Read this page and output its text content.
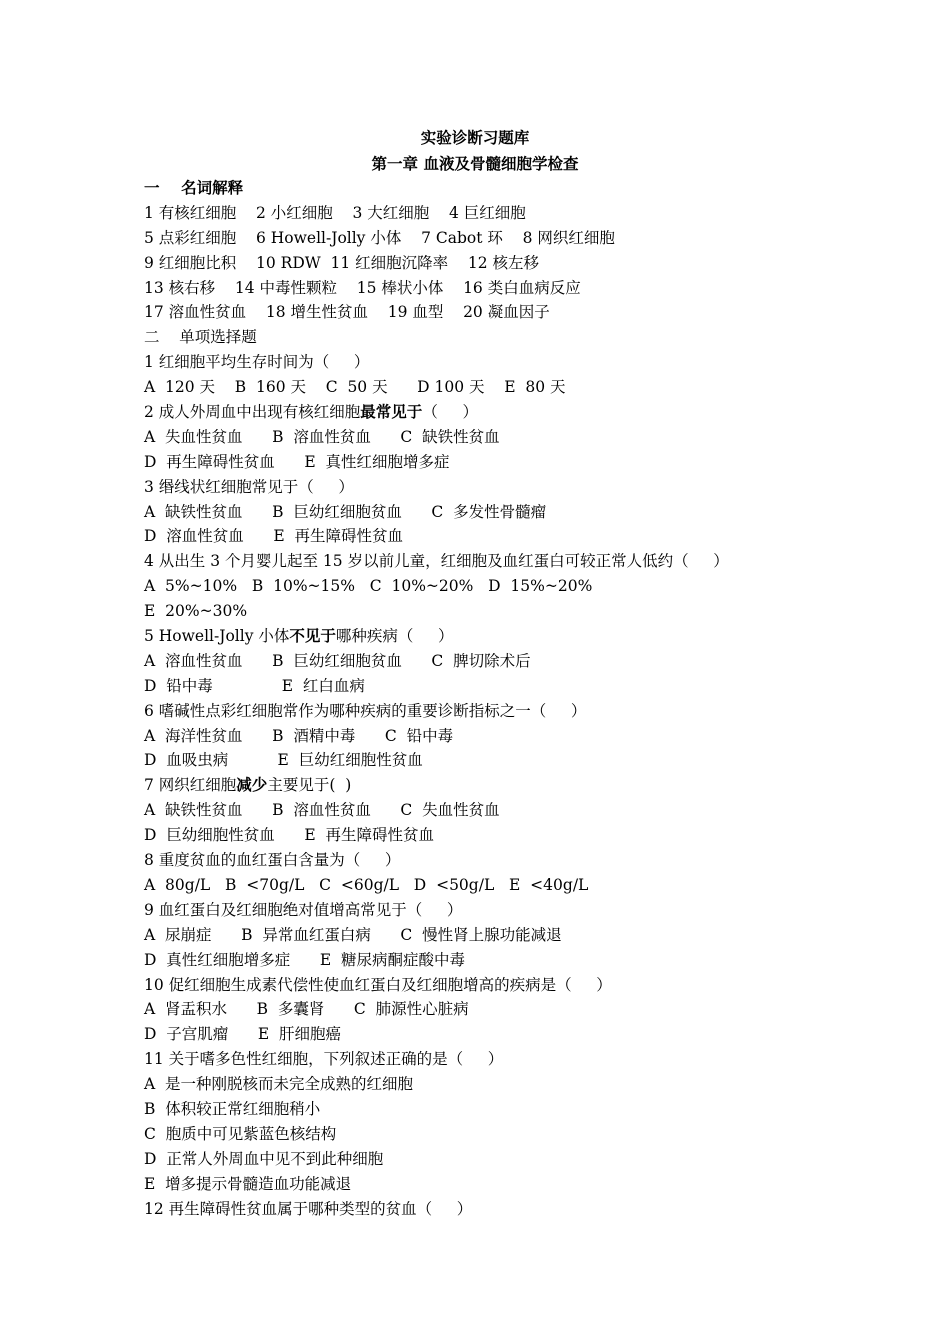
实验诊断习题库
第一章 血液及骨髓细胞学检查
一    名词解释
1 有核红细胞    2 小红细胞    3 大红细胞    4 巨红细胞
5 点彩红细胞    6 Howell-Jolly 小体    7 Cabot 环    8 网织红细胞
9 红细胞比积    10 RDW  11 红细胞沉降率    12 核左移
13 核右移    14 中毒性颗粒    15 棒状小体    16 类白血病反应
17 溶血性贫血    18 增生性贫血    19 血型    20 凝血因子
二    单项选择题
1 红细胞平均生存时间为（     ）
A  120 天    B  160 天    C  50 天      D 100 天    E  80 天
2 成人外周血中出现有核红细胞最常见于（     ）
A  失血性贫血      B  溶血性贫血      C  缺铁性贫血
D  再生障碍性贫血      E  真性红细胞增多症
3 缗线状红细胞常见于（     ）
A  缺铁性贫血      B  巨幼红细胞贫血      C  多发性骨髓瘤
D  溶血性贫血      E  再生障碍性贫血
4 从出生 3 个月婴儿起至 15 岁以前儿童，红细胞及血红蛋白可较正常人低约（     ）
A  5%~10%   B  10%~15%   C  10%~20%   D  15%~20%
E  20%~30%
5 Howell-Jolly 小体不见于哪种疾病（     ）
A  溶血性贫血      B  巨幼红细胞贫血      C  脾切除术后
D  铅中毒              E  红白血病
6 嗜碱性点彩红细胞常作为哪种疾病的重要诊断指标之一（     ）
A  海洋性贫血      B  酒精中毒      C  铅中毒
D  血吸虫病          E  巨幼红细胞性贫血
7 网织红细胞减少主要见于(  )
A  缺铁性贫血      B  溶血性贫血      C  失血性贫血
D  巨幼细胞性贫血      E  再生障碍性贫血
8 重度贫血的血红蛋白含量为（     ）
A  80g/L   B  <70g/L   C  <60g/L   D  <50g/L   E  <40g/L
9 血红蛋白及红细胞绝对值增高常见于（     ）
A  尿崩症      B  异常血红蛋白病      C  慢性肾上腺功能减退
D  真性红细胞增多症      E  糖尿病酮症酸中毒
10 促红细胞生成素代偿性使血红蛋白及红细胞增高的疾病是（     ）
A  肾盂积水      B  多囊肾      C  肺源性心脏病
D  子宫肌瘤      E  肝细胞癌
11 关于嗜多色性红细胞，下列叙述正确的是（     ）
A  是一种刚脱核而未完全成熟的红细胞
B  体积较正常红细胞稍小
C  胞质中可见紫蓝色核结构
D  正常人外周血中见不到此种细胞
E  增多提示骨髓造血功能减退
12 再生障碍性贫血属于哪种类型的贫血（     ）
